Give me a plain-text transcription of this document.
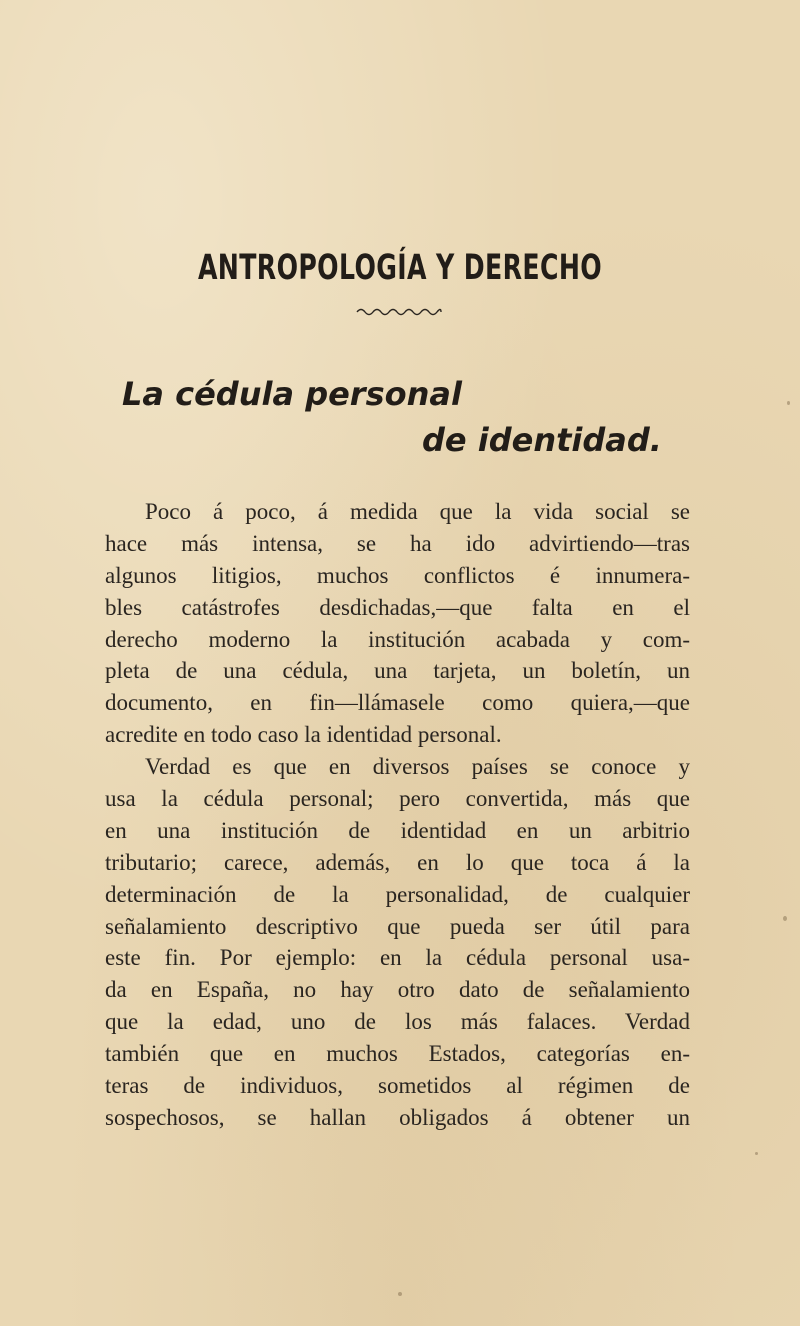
ANTROPOLOGÍA Y DERECHO
La cédula personal
de identidad.
Poco á poco, á medida que la vida social se
hace más intensa, se ha ido advirtiendo—tras
algunos litigios, muchos conflictos é innumera-
bles catástrofes desdichadas,—que falta en el
derecho moderno la institución acabada y com-
pleta de una cédula, una tarjeta, un boletín, un
documento, en fin—llámasele como quiera,—que
acredite en todo caso la identidad personal.
Verdad es que en diversos países se conoce y
usa la cédula personal; pero convertida, más que
en una institución de identidad en un arbitrio
tributario; carece, además, en lo que toca á la
determinación de la personalidad, de cualquier
señalamiento descriptivo que pueda ser útil para
este fin. Por ejemplo: en la cédula personal usa-
da en España, no hay otro dato de señalamiento
que la edad, uno de los más falaces. Verdad
también que en muchos Estados, categorías en-
teras de individuos, sometidos al régimen de
sospechosos, se hallan obligados á obtener un
